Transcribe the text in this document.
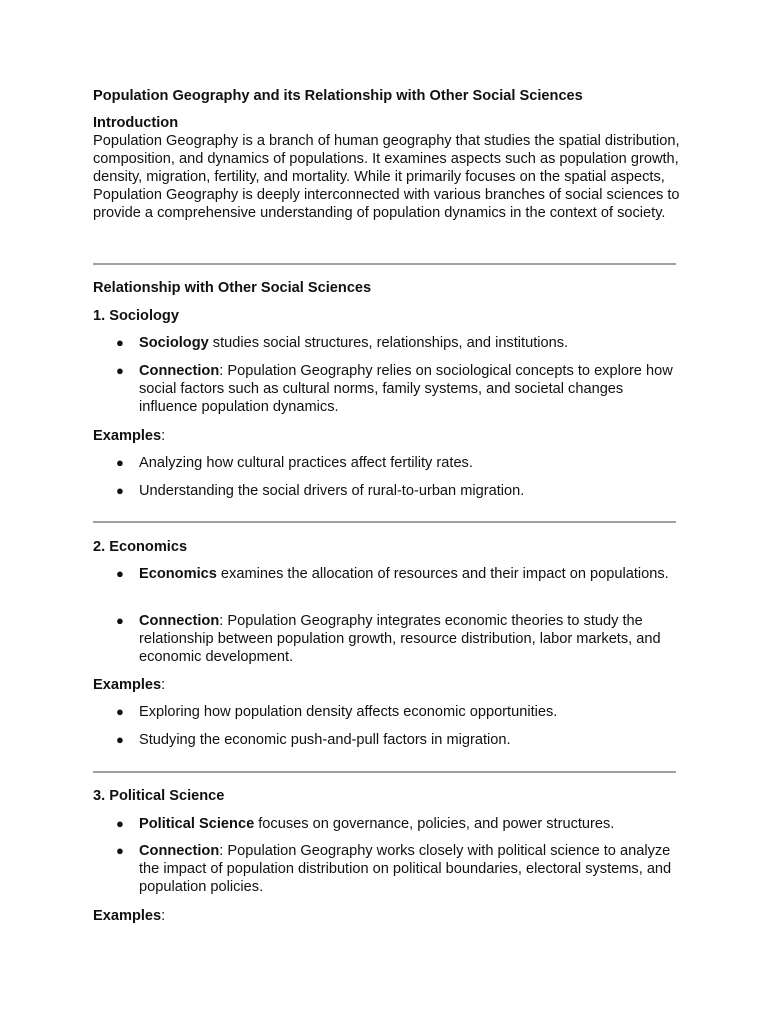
Population Geography and its Relationship with Other Social Sciences
Introduction
Population Geography is a branch of human geography that studies the spatial distribution, composition, and dynamics of populations. It examines aspects such as population growth, density, migration, fertility, and mortality. While it primarily focuses on the spatial aspects, Population Geography is deeply interconnected with various branches of social sciences to provide a comprehensive understanding of population dynamics in the context of society.
Relationship with Other Social Sciences
1. Sociology
● Sociology studies social structures, relationships, and institutions.
● Connection: Population Geography relies on sociological concepts to explore how social factors such as cultural norms, family systems, and societal changes influence population dynamics.
Examples:
● Analyzing how cultural practices affect fertility rates.
● Understanding the social drivers of rural-to-urban migration.
2. Economics
● Economics examines the allocation of resources and their impact on populations.
● Connection: Population Geography integrates economic theories to study the relationship between population growth, resource distribution, labor markets, and economic development.
Examples:
● Exploring how population density affects economic opportunities.
● Studying the economic push-and-pull factors in migration.
3. Political Science
● Political Science focuses on governance, policies, and power structures.
● Connection: Population Geography works closely with political science to analyze the impact of population distribution on political boundaries, electoral systems, and population policies.
Examples:
